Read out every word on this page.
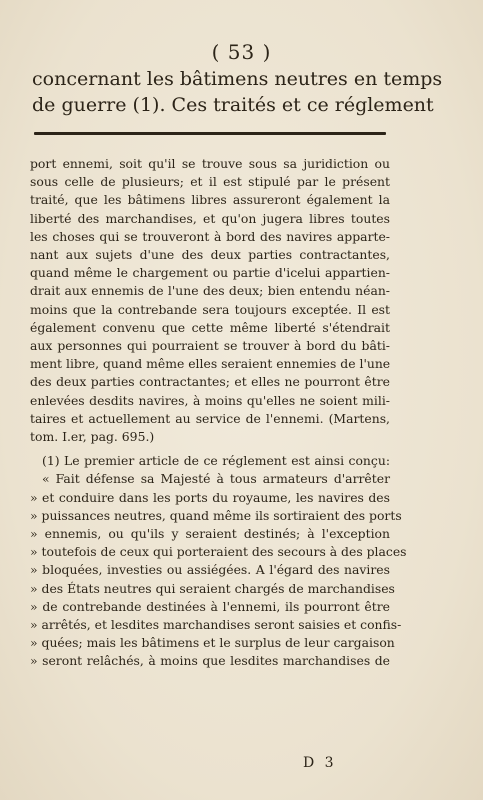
( 53 )
concernant les bâtimens neutres en temps
de guerre (1). Ces traités et ce réglement
port ennemi, soit qu'il se trouve sous sa juridiction ou
sous celle de plusieurs; et il est stipulé par le présent
traité, que les bâtimens libres assureront également la
liberté des marchandises, et qu'on jugera libres toutes
les choses qui se trouveront à bord des navires apparte-
nant aux sujets d'une des deux parties contractantes,
quand même le chargement ou partie d'icelui appartien-
drait aux ennemis de l'une des deux; bien entendu néan-
moins que la contrebande sera toujours exceptée. Il est
également convenu que cette même liberté s'étendrait
aux personnes qui pourraient se trouver à bord du bâti-
ment libre, quand même elles seraient ennemies de l'une
des deux parties contractantes; et elles ne pourront être
enlevées desdits navires, à moins qu'elles ne soient mili-
taires et actuellement au service de l'ennemi. (Martens,
tom. I.er, pag. 695.)
(1) Le premier article de ce réglement est ainsi conçu:
« Fait défense sa Majesté à tous armateurs d'arrêter
» et conduire dans les ports du royaume, les navires des
» puissances neutres, quand même ils sortiraient des ports
» ennemis, ou qu'ils y seraient destinés; à l'exception
» toutefois de ceux qui porteraient des secours à des places
» bloquées, investies ou assiégées. A l'égard des navires
» des États neutres qui seraient chargés de marchandises
» de contrebande destinées à l'ennemi, ils pourront être
» arrêtés, et lesdites marchandises seront saisies et confis-
» quées; mais les bâtimens et le surplus de leur cargaison
» seront relâchés, à moins que lesdites marchandises de
D 3
